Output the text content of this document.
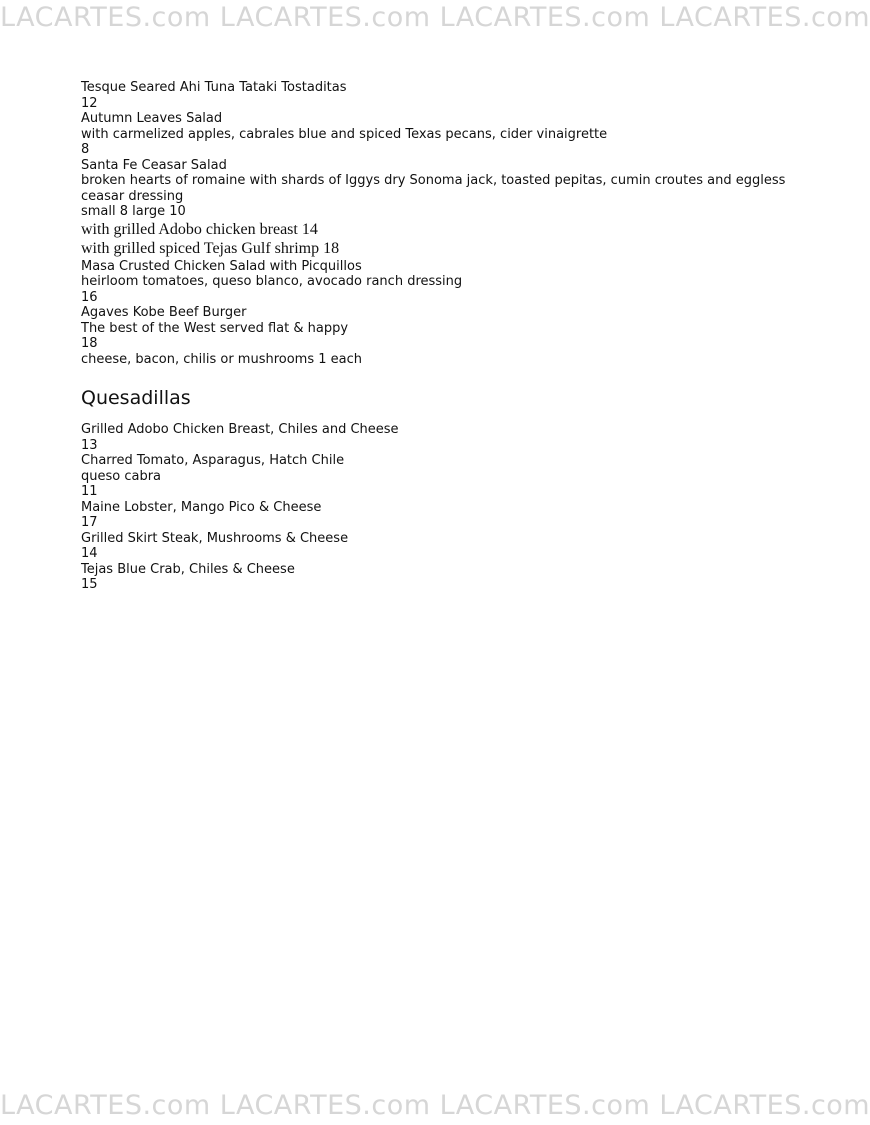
LACARTES.com LACARTES.com LACARTES.com LACARTES.com
Tesque Seared Ahi Tuna Tataki Tostaditas
12
Autumn Leaves Salad
with carmelized apples, cabrales blue and spiced Texas pecans, cider vinaigrette
8
Santa Fe Ceasar Salad
broken hearts of romaine with shards of Iggys dry Sonoma jack, toasted pepitas, cumin croutes and eggless ceasar dressing
small 8 large 10
with grilled Adobo chicken breast 14
with grilled spiced Tejas Gulf shrimp 18
Masa Crusted Chicken Salad with Picquillos
heirloom tomatoes, queso blanco, avocado ranch dressing
16
Agaves Kobe Beef Burger
The best of the West served flat & happy
18
cheese, bacon, chilis or mushrooms 1 each
Quesadillas
Grilled Adobo Chicken Breast, Chiles and Cheese
13
Charred Tomato, Asparagus, Hatch Chile
queso cabra
11
Maine Lobster, Mango Pico & Cheese
17
Grilled Skirt Steak, Mushrooms & Cheese
14
Tejas Blue Crab, Chiles & Cheese
15
LACARTES.com LACARTES.com LACARTES.com LACARTES.com
